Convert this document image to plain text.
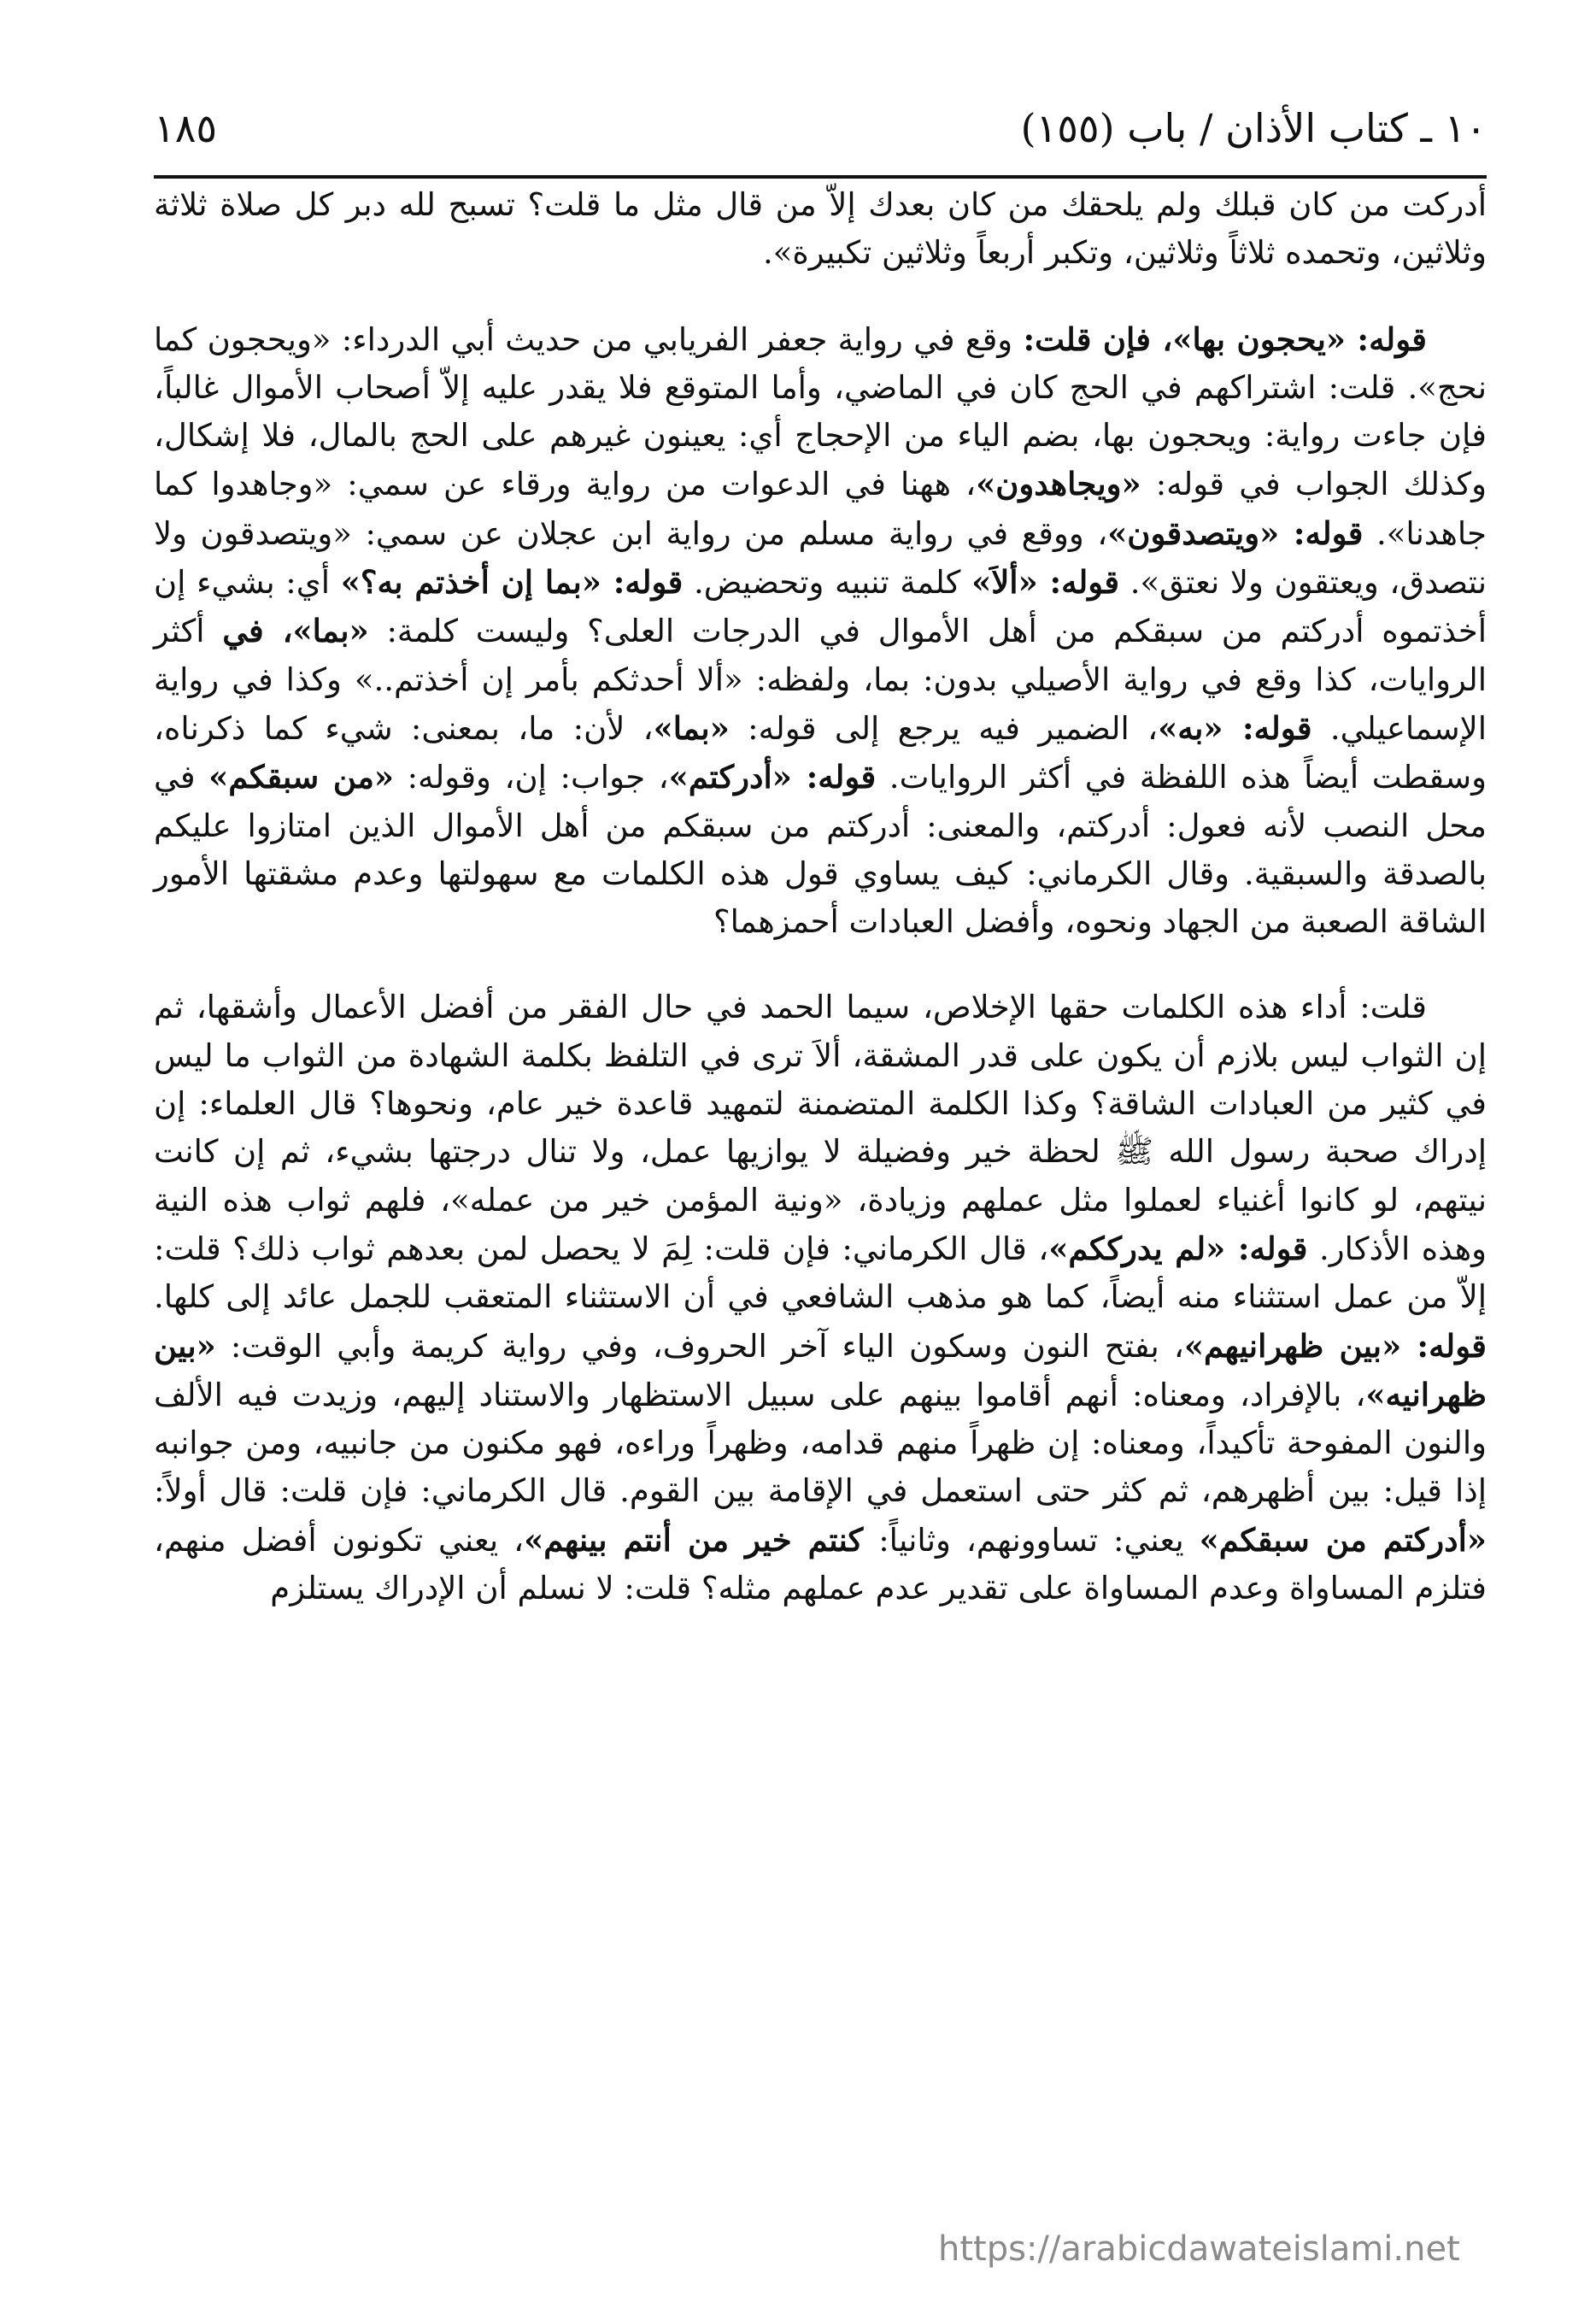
١٠ ـ كتاب الأذان / باب (١٥٥)
١٨٥

أدركت من كان قبلك ولم يلحقك من كان بعدك إلاّ من قال مثل ما قلت؟ تسبح لله دبر كل صلاة ثلاثة وثلاثين، وتحمده ثلاثاً وثلاثين، وتكبر أربعاً وثلاثين تكبيرة».

قوله: «يحجون بها»، فإن قلت: وقع في رواية جعفر الفريابي من حديث أبي الدرداء: «ويحجون كما نحج». قلت: اشتراكهم في الحج كان في الماضي، وأما المتوقع فلا يقدر عليه إلاّ أصحاب الأموال غالباً، فإن جاءت رواية: ويحجون بها، بضم الياء من الإحجاج أي: يعينون غيرهم على الحج بالمال، فلا إشكال، وكذلك الجواب في قوله: «ويجاهدون»، ههنا في الدعوات من رواية ورقاء عن سمي: «وجاهدوا كما جاهدنا». قوله: «ويتصدقون»، ووقع في رواية مسلم من رواية ابن عجلان عن سمي: «ويتصدقون ولا نتصدق، ويعتقون ولا نعتق». قوله: «ألاَ» كلمة تنبيه وتحضيض. قوله: «بما إن أخذتم به؟» أي: بشيء إن أخذتموه أدركتم من سبقكم من أهل الأموال في الدرجات العلى؟ وليست كلمة: «بما»، في أكثر الروايات، كذا وقع في رواية الأصيلي بدون: بما، ولفظه: «ألا أحدثكم بأمر إن أخذتم..» وكذا في رواية الإسماعيلي. قوله: «به»، الضمير فيه يرجع إلى قوله: «بما»، لأن: ما، بمعنى: شيء كما ذكرناه، وسقطت أيضاً هذه اللفظة في أكثر الروايات. قوله: «أدركتم»، جواب: إن، وقوله: «من سبقكم» في محل النصب لأنه فعول: أدركتم، والمعنى: أدركتم من سبقكم من أهل الأموال الذين امتازوا عليكم بالصدقة والسبقية. وقال الكرماني: كيف يساوي قول هذه الكلمات مع سهولتها وعدم مشقتها الأمور الشاقة الصعبة من الجهاد ونحوه، وأفضل العبادات أحمزهما؟

قلت: أداء هذه الكلمات حقها الإخلاص، سيما الحمد في حال الفقر من أفضل الأعمال وأشقها، ثم إن الثواب ليس بلازم أن يكون على قدر المشقة، ألاَ ترى في التلفظ بكلمة الشهادة من الثواب ما ليس في كثير من العبادات الشاقة؟ وكذا الكلمة المتضمنة لتمهيد قاعدة خير عام، ونحوها؟ قال العلماء: إن إدراك صحبة رسول الله ﷺ لحظة خير وفضيلة لا يوازيها عمل، ولا تنال درجتها بشيء، ثم إن كانت نيتهم، لو كانوا أغنياء لعملوا مثل عملهم وزيادة، «ونية المؤمن خير من عمله»، فلهم ثواب هذه النية وهذه الأذكار. قوله: «لم يدرككم»، قال الكرماني: فإن قلت: لِمَ لا يحصل لمن بعدهم ثواب ذلك؟ قلت: إلاّ من عمل استثناء منه أيضاً، كما هو مذهب الشافعي في أن الاستثناء المتعقب للجمل عائد إلى كلها. قوله: «بين ظهرانيهم»، بفتح النون وسكون الياء آخر الحروف، وفي رواية كريمة وأبي الوقت: «بين ظهرانيه»، بالإفراد، ومعناه: أنهم أقاموا بينهم على سبيل الاستظهار والاستناد إليهم، وزيدت فيه الألف والنون المفوحة تأكيداً، ومعناه: إن ظهراً منهم قدامه، وظهراً وراءه، فهو مكنون من جانبيه، ومن جوانبه إذا قيل: بين أظهرهم، ثم كثر حتى استعمل في الإقامة بين القوم. قال الكرماني: فإن قلت: قال أولاً: «أدركتم من سبقكم» يعني: تساوونهم، وثانياً: كنتم خير من أنتم بينهم»، يعني تكونون أفضل منهم، فتلزم المساواة وعدم المساواة على تقدير عدم عملهم مثله؟ قلت: لا نسلم أن الإدراك يستلزم

https://arabicdawateislami.net
